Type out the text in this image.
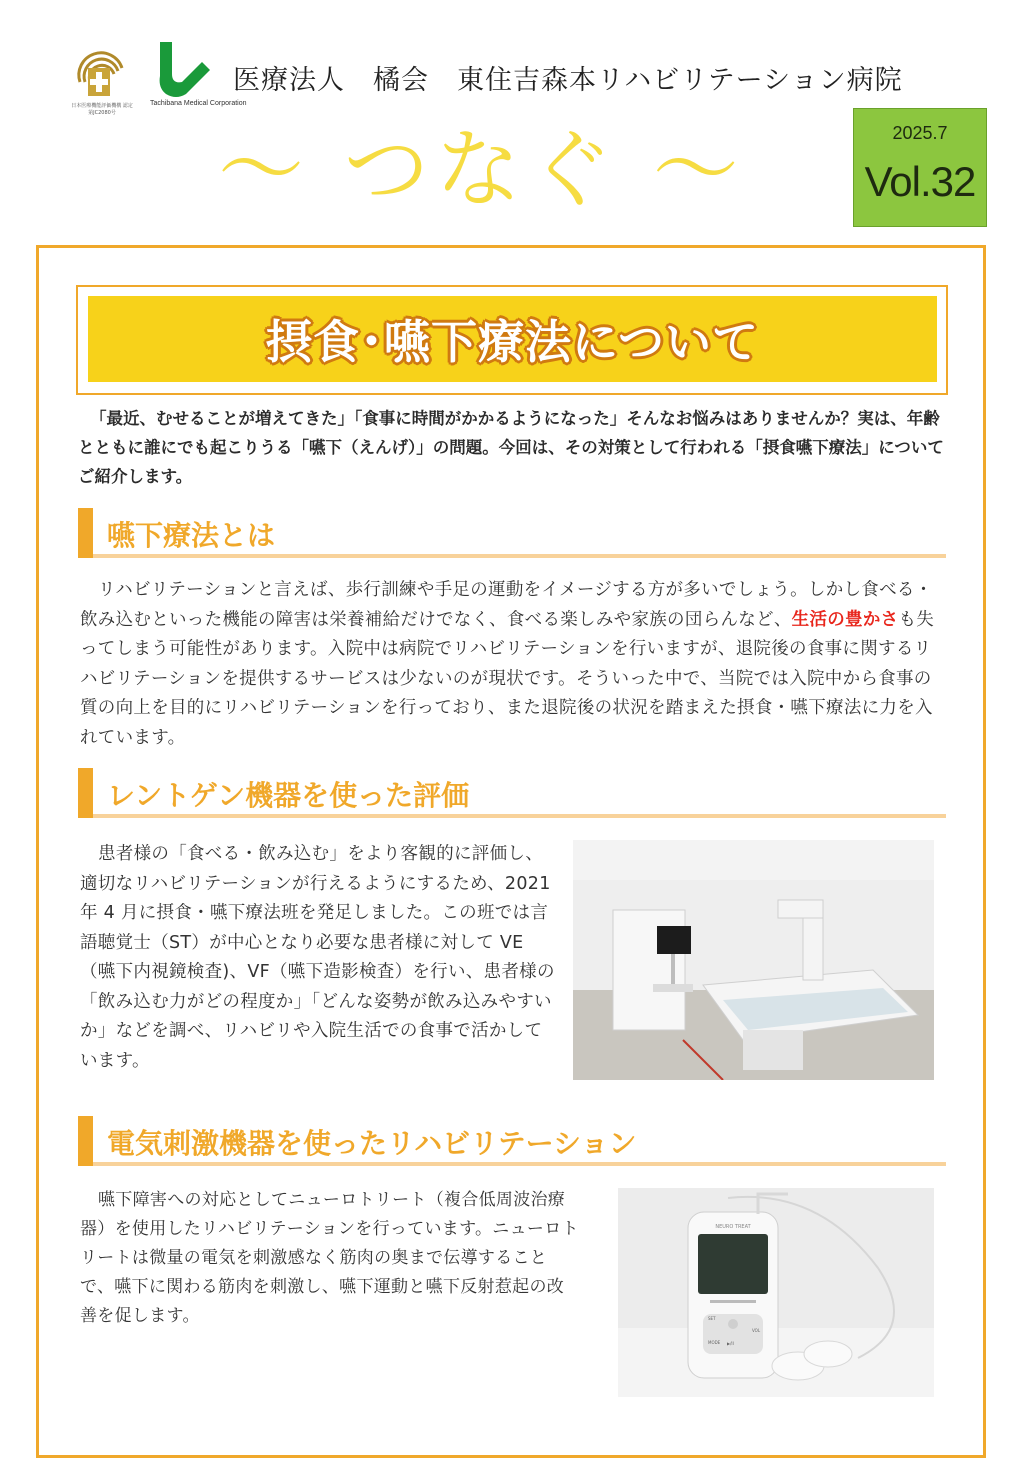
日本医療機能評価機構 認定第JC2080号
Tachibana Medical Corporation
医療法人　橘会　東住吉森本リハビリテーション病院
～ つなぐ ～	2025.7
Vol.32
摂食･嚥下療法について

「最近、むせることが増えてきた」「食事に時間がかかるようになった」そんなお悩みはありませんか？実は、年齢とともに誰にでも起こりうる「嚥下（えんげ）」の問題。今回は、その対策として行われる「摂食嚥下療法」についてご紹介します。

嚥下療法とは

リハビリテーションと言えば、歩行訓練や手足の運動をイメージする方が多いでしょう。しかし食べる・飲み込むといった機能の障害は栄養補給だけでなく、食べる楽しみや家族の団らんなど、生活の豊かさも失ってしまう可能性があります。入院中は病院でリハビリテーションを行いますが、退院後の食事に関するリハビリテーションを提供するサービスは少ないのが現状です。そういった中で、当院では入院中から食事の質の向上を目的にリハビリテーションを行っており、また退院後の状況を踏まえた摂食・嚥下療法に力を入れています。

レントゲン機器を使った評価

患者様の「食べる・飲み込む」をより客観的に評価し、適切なリハビリテーションが行えるようにするため、2021 年 4 月に摂食・嚥下療法班を発足しました。この班では言語聴覚士（ST）が中心となり必要な患者様に対して VE（嚥下内視鏡検査)、VF（嚥下造影検査）を行い、患者様の「飲み込む力がどの程度か」「どんな姿勢が飲み込みやすいか」などを調べ、リハビリや入院生活での食事で活かしています。

電気刺激機器を使ったリハビリテーション

嚥下障害への対応としてニューロトリート（複合低周波治療器）を使用したリハビリテーションを行っています。ニューロトリートは微量の電気を刺激感なく筋肉の奥まで伝導することで、嚥下に関わる筋肉を刺激し、嚥下運動と嚥下反射惹起の改善を促します。

NEURO TREAT
SET
MODE
VOL
▶/II
